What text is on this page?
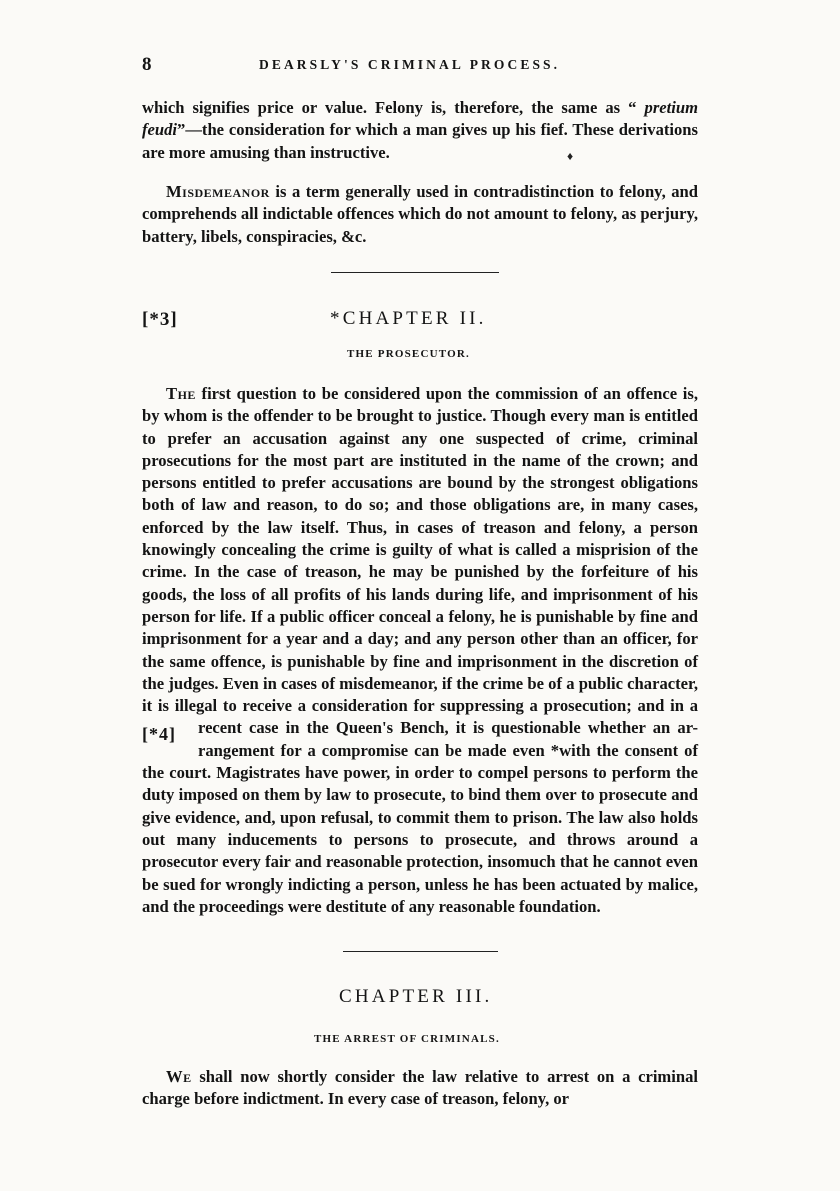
8	DEARSLY'S CRIMINAL PROCESS.

which signifies price or value. Felony is, therefore, the same as “ pretium feudi”—the consideration for which a man gives up his fief. These derivations are more amusing than instructive.	♦

Misdemeanor is a term generally used in contradistinction to felony, and comprehends all indictable offences which do not amount to felony, as perjury, battery, libels, conspiracies, &c.

[*3]	*CHAPTER II.
THE PROSECUTOR.

The first question to be considered upon the commission of an offence is, by whom is the offender to be brought to justice. Though every man is entitled to prefer an accusation against any one suspected of crime, criminal prosecutions for the most part are instituted in the name of the crown; and persons entitled to prefer accusations are bound by the strongest obligations both of law and reason, to do so; and those obligations are, in many cases, enforced by the law itself. Thus, in cases of treason and felony, a person knowingly concealing the crime is guilty of what is called a misprision of the crime. In the case of treason, he may be punished by the forfeiture of his goods, the loss of all profits of his lands during life, and imprisonment of his person for life. If a public officer conceal a felony, he is punishable by fine and imprisonment for a year and a day; and any person other than an officer, for the same offence, is punishable by fine and imprisonment in the discretion of the judges. Even in cases of misdemeanor, if the crime be of a public character, it is illegal to receive a consideration for suppressing a prosecution; and in a recent case in the Queen's Bench, it is questionable whether an ar-
[*4]
rangement for a compromise can be made even *with the consent of the court. Magistrates have power, in order to compel persons to perform the duty imposed on them by law to prosecute, to bind them over to prosecute and give evidence, and, upon refusal, to commit them to prison. The law also holds out many inducements to persons to prosecute, and throws around a prosecutor every fair and reasonable protection, insomuch that he cannot even be sued for wrongly indicting a person, unless he has been actuated by malice, and the proceedings were destitute of any reasonable foundation.

CHAPTER III.
THE ARREST OF CRIMINALS.

We shall now shortly consider the law relative to arrest on a criminal charge before indictment. In every case of treason, felony, or
